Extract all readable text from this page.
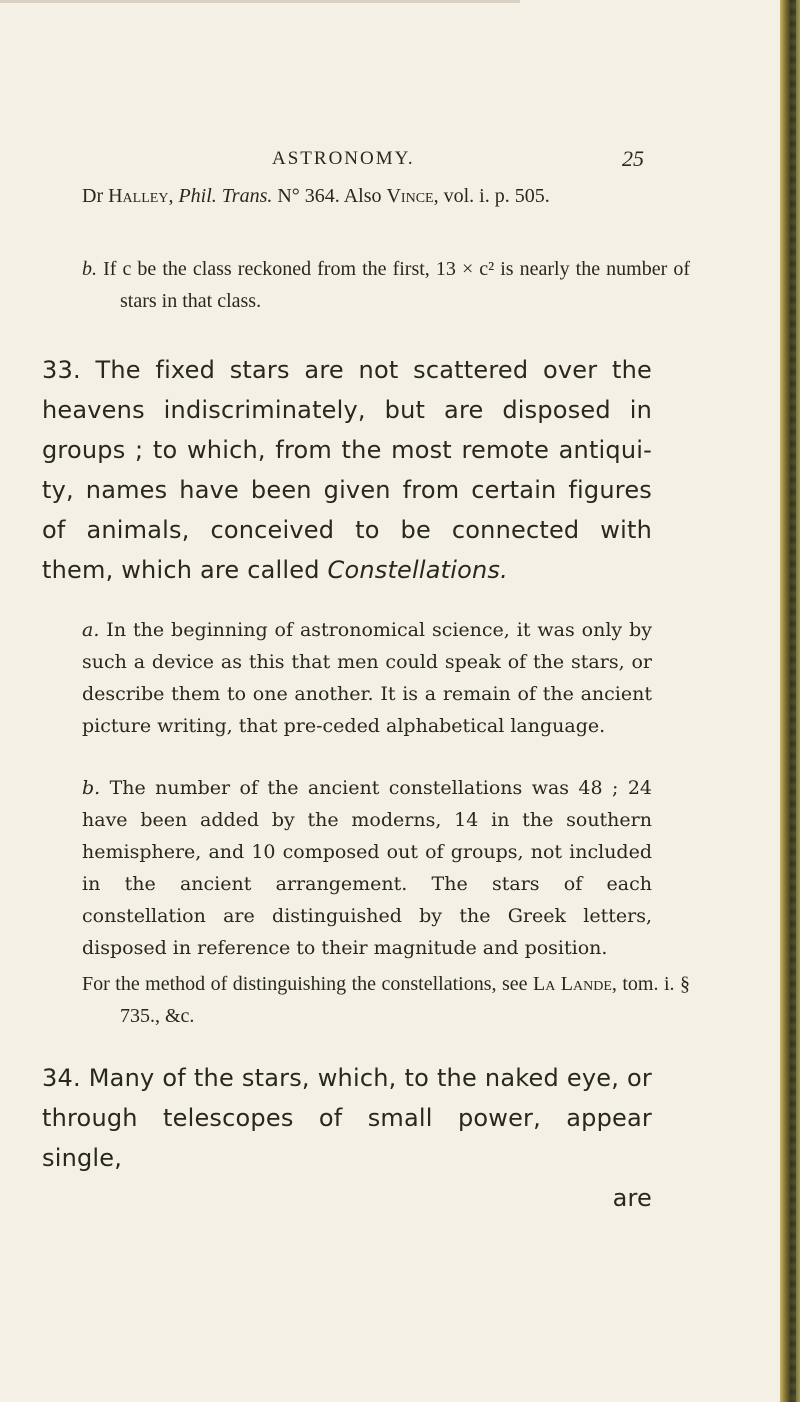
ASTRONOMY.	25

Dr Halley, Phil. Trans. N° 364. Also Vince, vol. i. p. 505.

b. If c be the class reckoned from the first, 13 × c² is nearly the number of stars in that class.

33. The fixed stars are not scattered over the heavens indiscriminately, but are disposed in groups ; to which, from the most remote antiqui-ty, names have been given from certain figures of animals, conceived to be connected with them, which are called Constellations.

a. In the beginning of astronomical science, it was only by such a device as this that men could speak of the stars, or describe them to one another. It is a remain of the ancient picture writing, that pre-ceded alphabetical language.

b. The number of the ancient constellations was 48 ; 24 have been added by the moderns, 14 in the southern hemisphere, and 10 composed out of groups, not included in the ancient arrangement. The stars of each constellation are distinguished by the Greek letters, disposed in reference to their magnitude and position.

For the method of distinguishing the constellations, see La Lande, tom. i. § 735., &c.

34. Many of the stars, which, to the naked eye, or through telescopes of small power, appear single,

are
